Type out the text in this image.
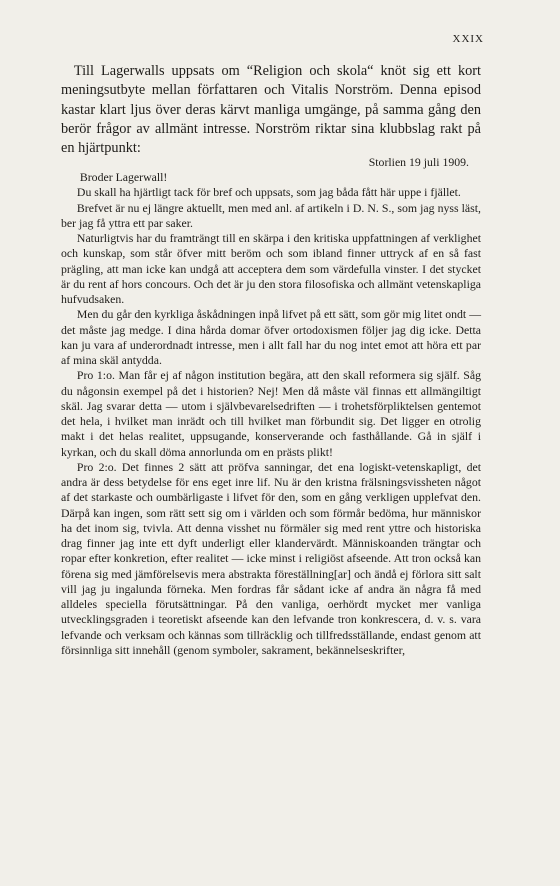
XXIX

Till Lagerwalls uppsats om “Religion och skola“ knöt sig ett kort meningsutbyte mellan författaren och Vitalis Norström. Denna episod kastar klart ljus över deras kärvt manliga umgänge, på samma gång den berör frågor av allmänt intresse. Norström riktar sina klubbslag rakt på en hjärtpunkt:

Storlien 19 juli 1909.

Broder Lagerwall!

Du skall ha hjärtligt tack för bref och uppsats, som jag båda fått här uppe i fjället.

Brefvet är nu ej längre aktuellt, men med anl. af artikeln i D. N. S., som jag nyss läst, ber jag få yttra ett par saker.

Naturligtvis har du framträngt till en skärpa i den kritiska uppfattningen af verklighet och kunskap, som står öfver mitt beröm och som ibland finner uttryck af en så fast prägling, att man icke kan undgå att acceptera dem som värdefulla vinster. I det stycket är du rent af hors concours. Och det är ju den stora filosofiska och allmänt vetenskapliga hufvudsaken.

Men du går den kyrkliga åskådningen inpå lifvet på ett sätt, som gör mig litet ondt — det måste jag medge. I dina hårda domar öfver ortodoxismen följer jag dig icke. Detta kan ju vara af underordnadt intresse, men i allt fall har du nog intet emot att höra ett par af mina skäl antydda.

Pro 1:o. Man får ej af någon institution begära, att den skall reformera sig själf. Såg du någonsin exempel på det i historien? Nej! Men då måste väl finnas ett allmängiltigt skäl. Jag svarar detta — utom i självbevarelsedriften — i trohetsförpliktelsen gentemot det hela, i hvilket man inrädt och till hvilket man förbundit sig. Det ligger en otrolig makt i det helas realitet, uppsugande, konserverande och fasthållande. Gå in själf i kyrkan, och du skall döma annorlunda om en prästs plikt!

Pro 2:o. Det finnes 2 sätt att pröfva sanningar, det ena logiskt-vetenskapligt, det andra är dess betydelse för ens eget inre lif. Nu är den kristna frälsningsvissheten något af det starkaste och oumbärligaste i lifvet för den, som en gång verkligen upplefvat den. Därpå kan ingen, som rätt sett sig om i världen och som förmår bedöma, hur människor ha det inom sig, tvivla. Att denna visshet nu förmäler sig med rent yttre och historiska drag finner jag inte ett dyft underligt eller klandervärdt. Människoanden trängtar och ropar efter konkretion, efter realitet — icke minst i religiöst afseende. Att tron också kan förena sig med jämförelsevis mera abstrakta föreställning[ar] och ändå ej förlora sitt salt vill jag ju ingalunda förneka. Men fordras får sådant icke af andra än några få med alldeles speciella förutsättningar. På den vanliga, oerhördt mycket mer vanliga utvecklingsgraden i teoretiskt afseende kan den lefvande tron konkrescera, d. v. s. vara lefvande och verksam och kännas som tillräcklig och tillfredsställande, endast genom att försinnliga sitt innehåll (genom symboler, sakrament, bekännelseskrifter,
